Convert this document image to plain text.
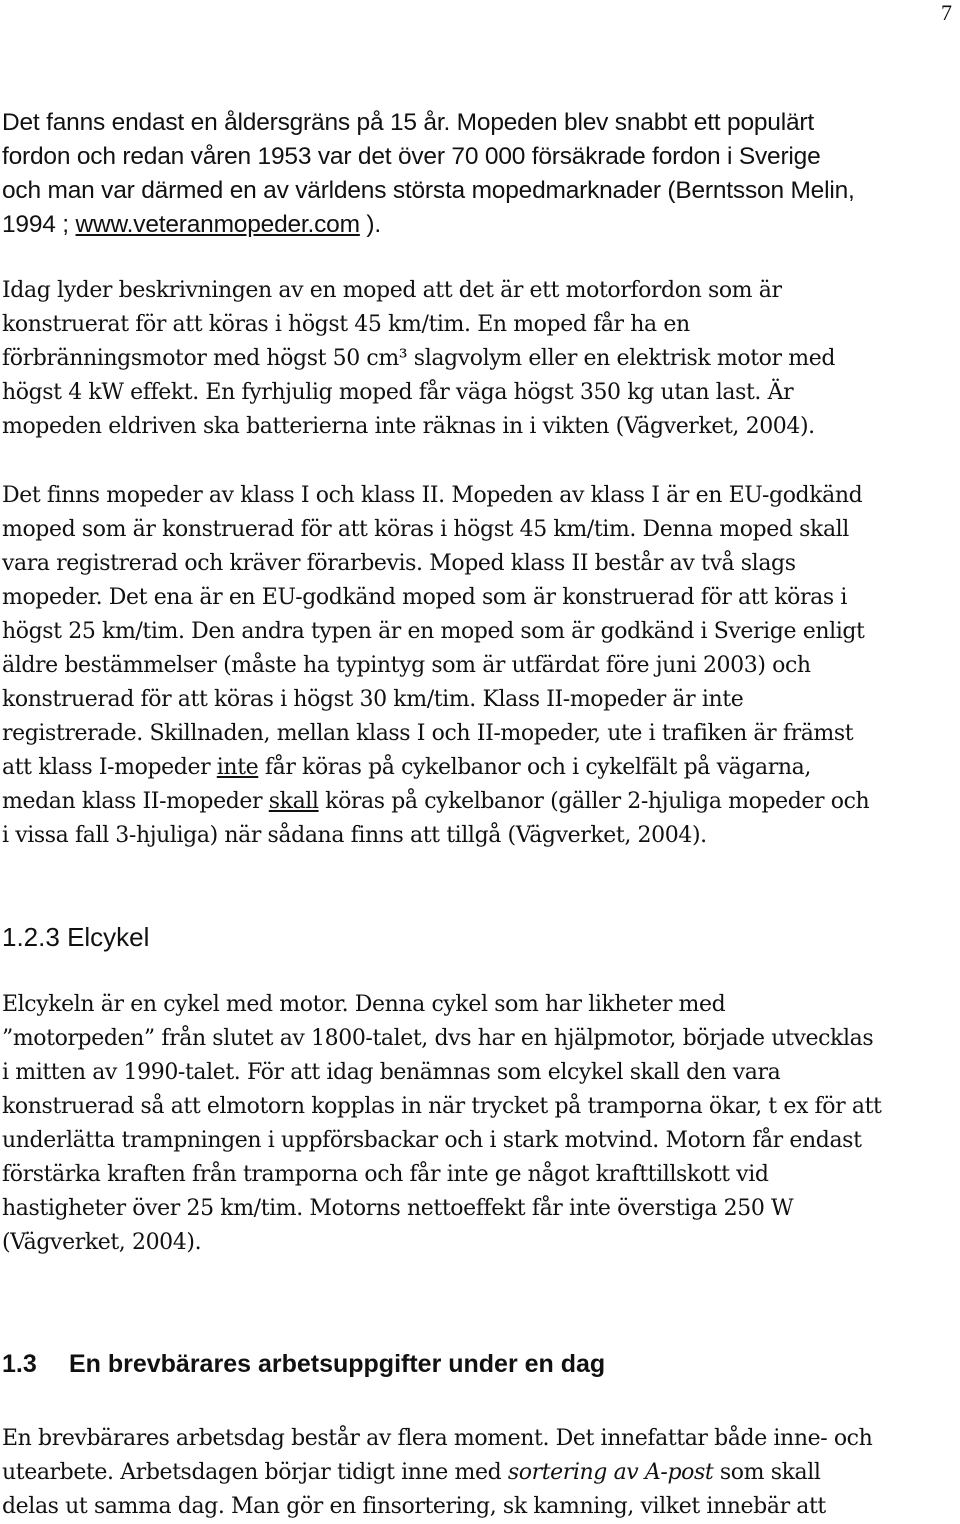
7

Det fanns endast en åldersgräns på 15 år. Mopeden blev snabbt ett populärt
fordon och redan våren 1953 var det över 70 000 försäkrade fordon i Sverige
och man var därmed en av världens största mopedmarknader (Berntsson Melin,
1994 ; www.veteranmopeder.com ).

Idag lyder beskrivningen av en moped att det är ett motorfordon som är
konstruerat för att köras i högst 45 km/tim. En moped får ha en
förbränningsmotor med högst 50 cm³ slagvolym eller en elektrisk motor med
högst 4 kW effekt. En fyrhjulig moped får väga högst 350 kg utan last. Är
mopeden eldriven ska batterierna inte räknas in i vikten (Vägverket, 2004).

Det finns mopeder av klass I och klass II. Mopeden av klass I är en EU-godkänd
moped som är konstruerad för att köras i högst 45 km/tim. Denna moped skall
vara registrerad och kräver förarbevis. Moped klass II består av två slags
mopeder. Det ena är en EU-godkänd moped som är konstruerad för att köras i
högst 25 km/tim. Den andra typen är en moped som är godkänd i Sverige enligt
äldre bestämmelser (måste ha typintyg som är utfärdat före juni 2003) och
konstruerad för att köras i högst 30 km/tim. Klass II-mopeder är inte
registrerade. Skillnaden, mellan klass I och II-mopeder, ute i trafiken är främst
att klass I-mopeder inte får köras på cykelbanor och i cykelfält på vägarna,
medan klass II-mopeder skall köras på cykelbanor (gäller 2-hjuliga mopeder och
i vissa fall 3-hjuliga) när sådana finns att tillgå (Vägverket, 2004).

1.2.3 Elcykel

Elcykeln är en cykel med motor. Denna cykel som har likheter med
”motorpeden” från slutet av 1800-talet, dvs har en hjälpmotor, började utvecklas
i mitten av 1990-talet. För att idag benämnas som elcykel skall den vara
konstruerad så att elmotorn kopplas in när trycket på tramporna ökar, t ex för att
underlätta trampningen i uppförsbackar och i stark motvind. Motorn får endast
förstärka kraften från tramporna och får inte ge något krafttillskott vid
hastigheter över 25 km/tim. Motorns nettoeffekt får inte överstiga 250 W
(Vägverket, 2004).

1.3 En brevbärares arbetsuppgifter under en dag

En brevbärares arbetsdag består av flera moment. Det innefattar både inne- och
utearbete. Arbetsdagen börjar tidigt inne med sortering av A-post som skall
delas ut samma dag. Man gör en finsortering, sk kamning, vilket innebär att
